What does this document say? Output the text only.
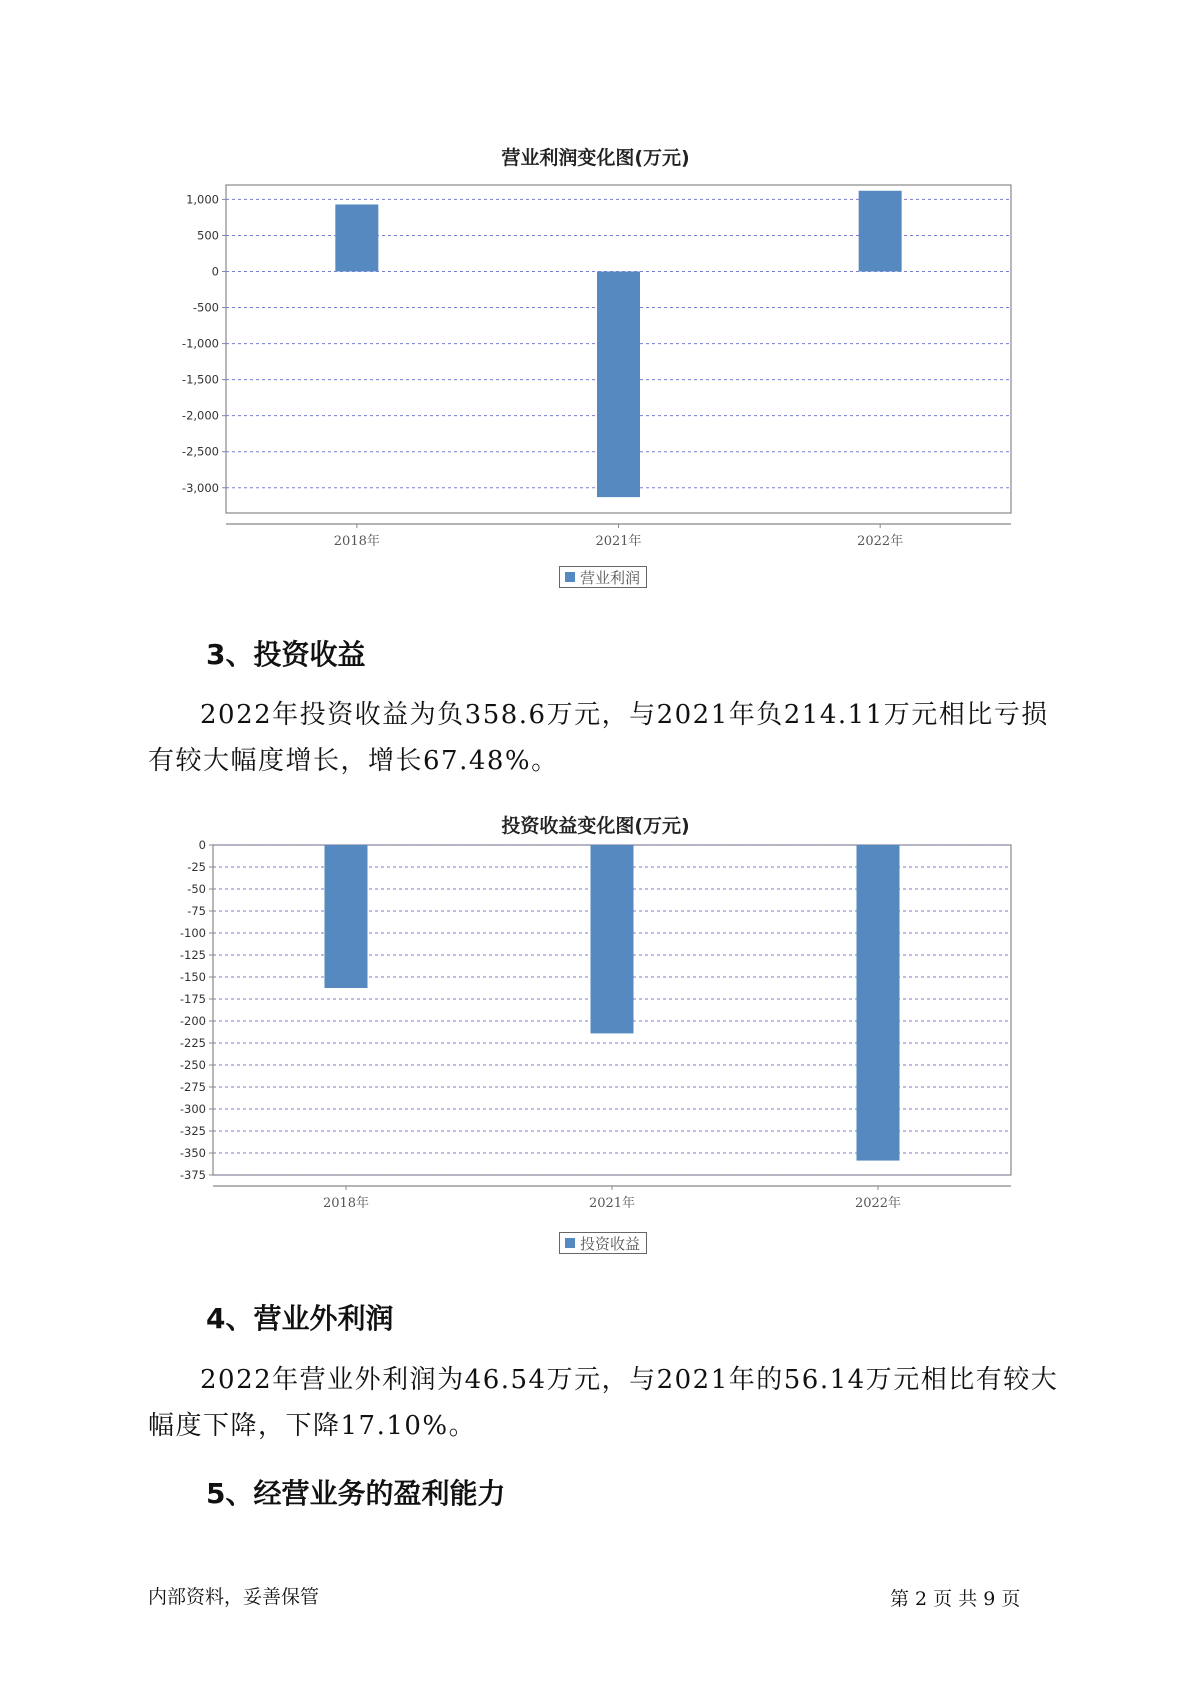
营业利润变化图(万元)
1,000
500
0
-500
-1,000
-1,500
-2,000
-2,500
-3,000
2018年	2021年	2022年
营业利润
3、投资收益
2022年投资收益为负358.6万元，与2021年负214.11万元相比亏损有较大幅度增长，增长67.48%。
投资收益变化图(万元)
0
-25
-50
-75
-100
-125
-150
-175
-200
-225
-250
-275
-300
-325
-350
-375
2018年	2021年	2022年
投资收益
4、营业外利润
2022年营业外利润为46.54万元，与2021年的56.14万元相比有较大幅度下降，下降17.10%。
5、经营业务的盈利能力
内部资料，妥善保管	第 2 页 共 9 页
